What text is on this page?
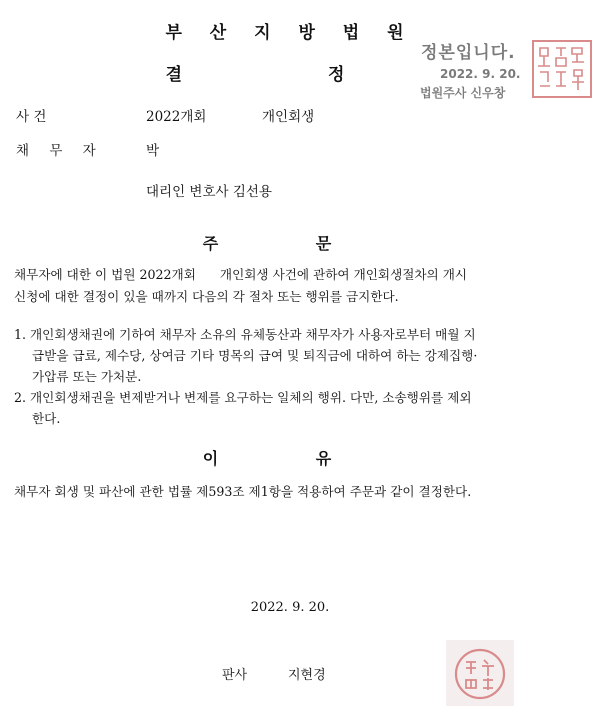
부 산 지 방 법 원
결 정
정본입니다.
2022. 9. 20.
법원주사 신우창
사 건	2022개회	개인회생
채 무 자	박
대리인 변호사 김선용
주 문
채무자에 대한 이 법원 2022개회      개인회생 사건에 관하여 개인회생절차의 개시
신청에 대한 결정이 있을 때까지 다음의 각 절차 또는 행위를 금지한다.
1. 개인회생채권에 기하여 채무자 소유의 유체동산과 채무자가 사용자로부터 매월 지
급받을 급료, 제수당, 상여금 기타 명목의 급여 및 퇴직금에 대하여 하는 강제집행·
가압류 또는 가처분.
2. 개인회생채권을 변제받거나 변제를 요구하는 일체의 행위. 다만, 소송행위를 제외
한다.
이 유
채무자 회생 및 파산에 관한 법률 제593조 제1항을 적용하여 주문과 같이 결정한다.
2022. 9. 20.
판사	지현경
